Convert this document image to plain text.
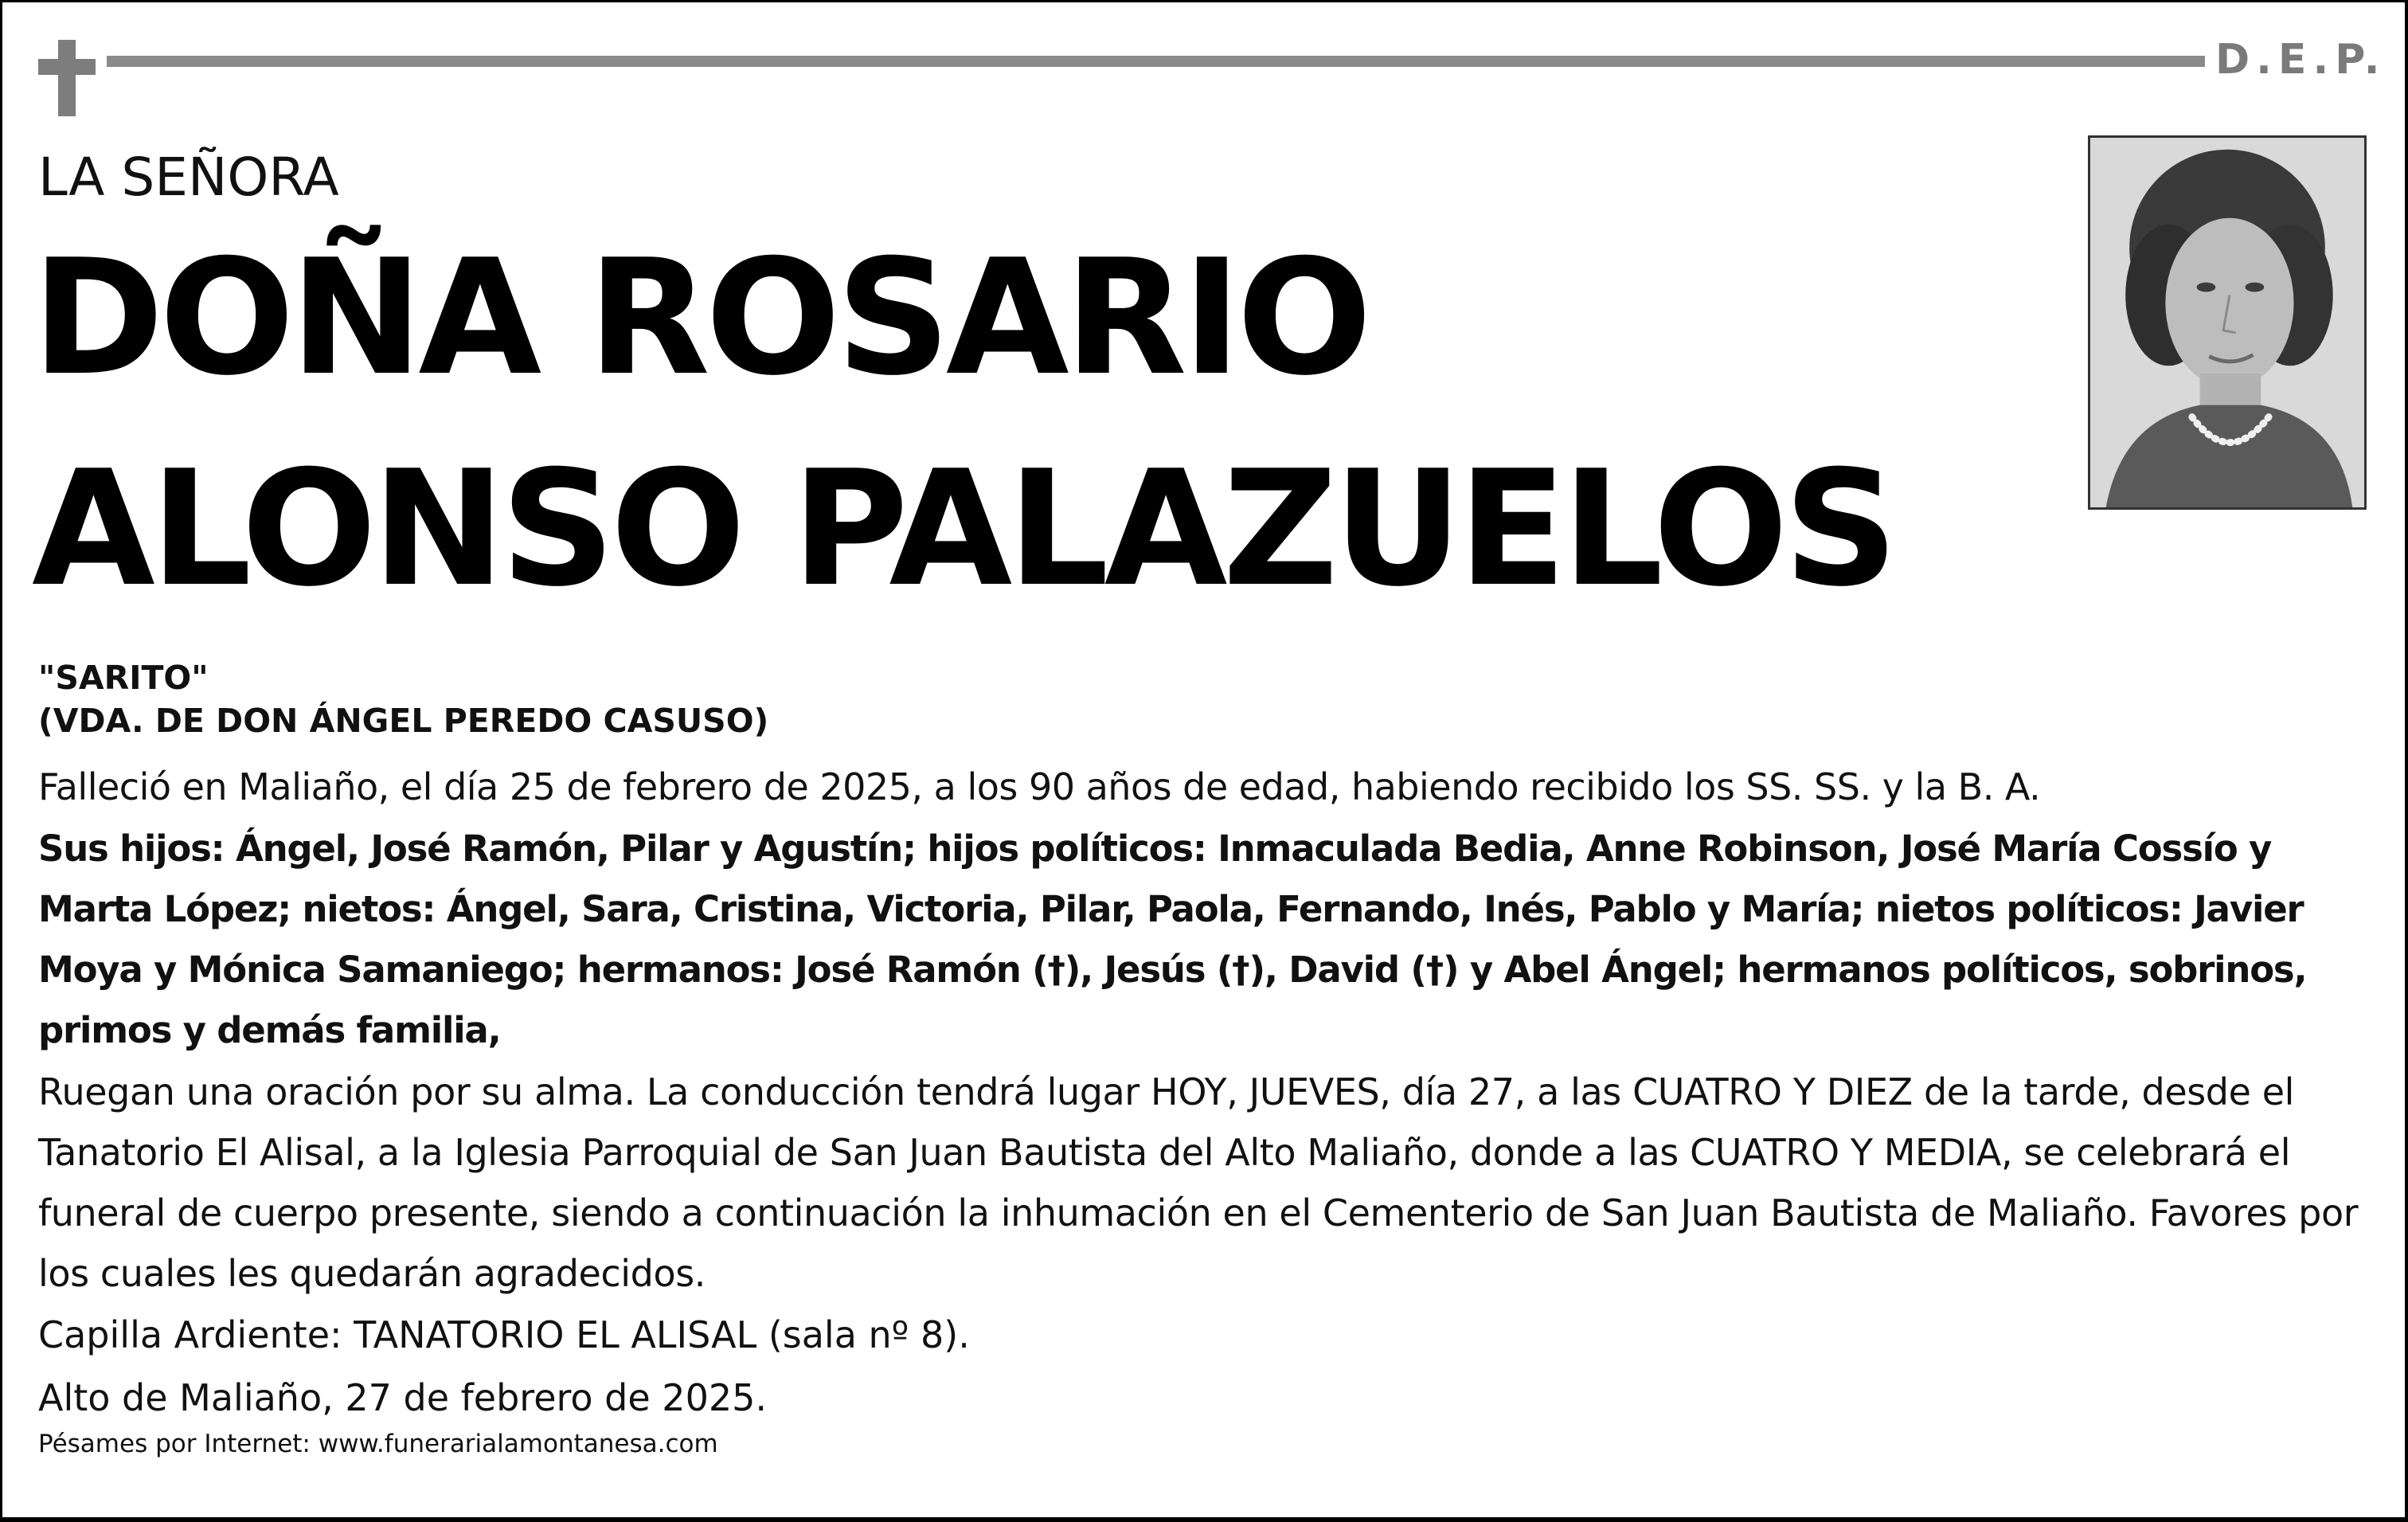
D.E.P.
LA SEÑORA
DOÑA ROSARIO
ALONSO PALAZUELOS
"SARITO"
(VDA. DE DON ÁNGEL PEREDO CASUSO)
Falleció en Maliaño, el día 25 de febrero de 2025, a los 90 años de edad, habiendo recibido los SS. SS. y la B. A.
Sus hijos: Ángel, José Ramón, Pilar y Agustín; hijos políticos: Inmaculada Bedia, Anne Robinson, José María Cossío y Marta López; nietos: Ángel, Sara, Cristina, Victoria, Pilar, Paola, Fernando, Inés, Pablo y María; nietos políticos: Javier Moya y Mónica Samaniego; hermanos: José Ramón (†), Jesús (†), David (†) y Abel Ángel; hermanos políticos, sobrinos, primos y demás familia,
Ruegan una oración por su alma. La conducción tendrá lugar HOY, JUEVES, día 27, a las CUATRO Y DIEZ de la tarde, desde el Tanatorio El Alisal, a la Iglesia Parroquial de San Juan Bautista del Alto Maliaño, donde a las CUATRO Y MEDIA, se celebrará el funeral de cuerpo presente, siendo a continuación la inhumación en el Cementerio de San Juan Bautista de Maliaño. Favores por los cuales les quedarán agradecidos.
Capilla Ardiente: TANATORIO EL ALISAL (sala nº 8).
Alto de Maliaño, 27 de febrero de 2025.
Pésames por Internet: www.funerarialamontanesa.com
